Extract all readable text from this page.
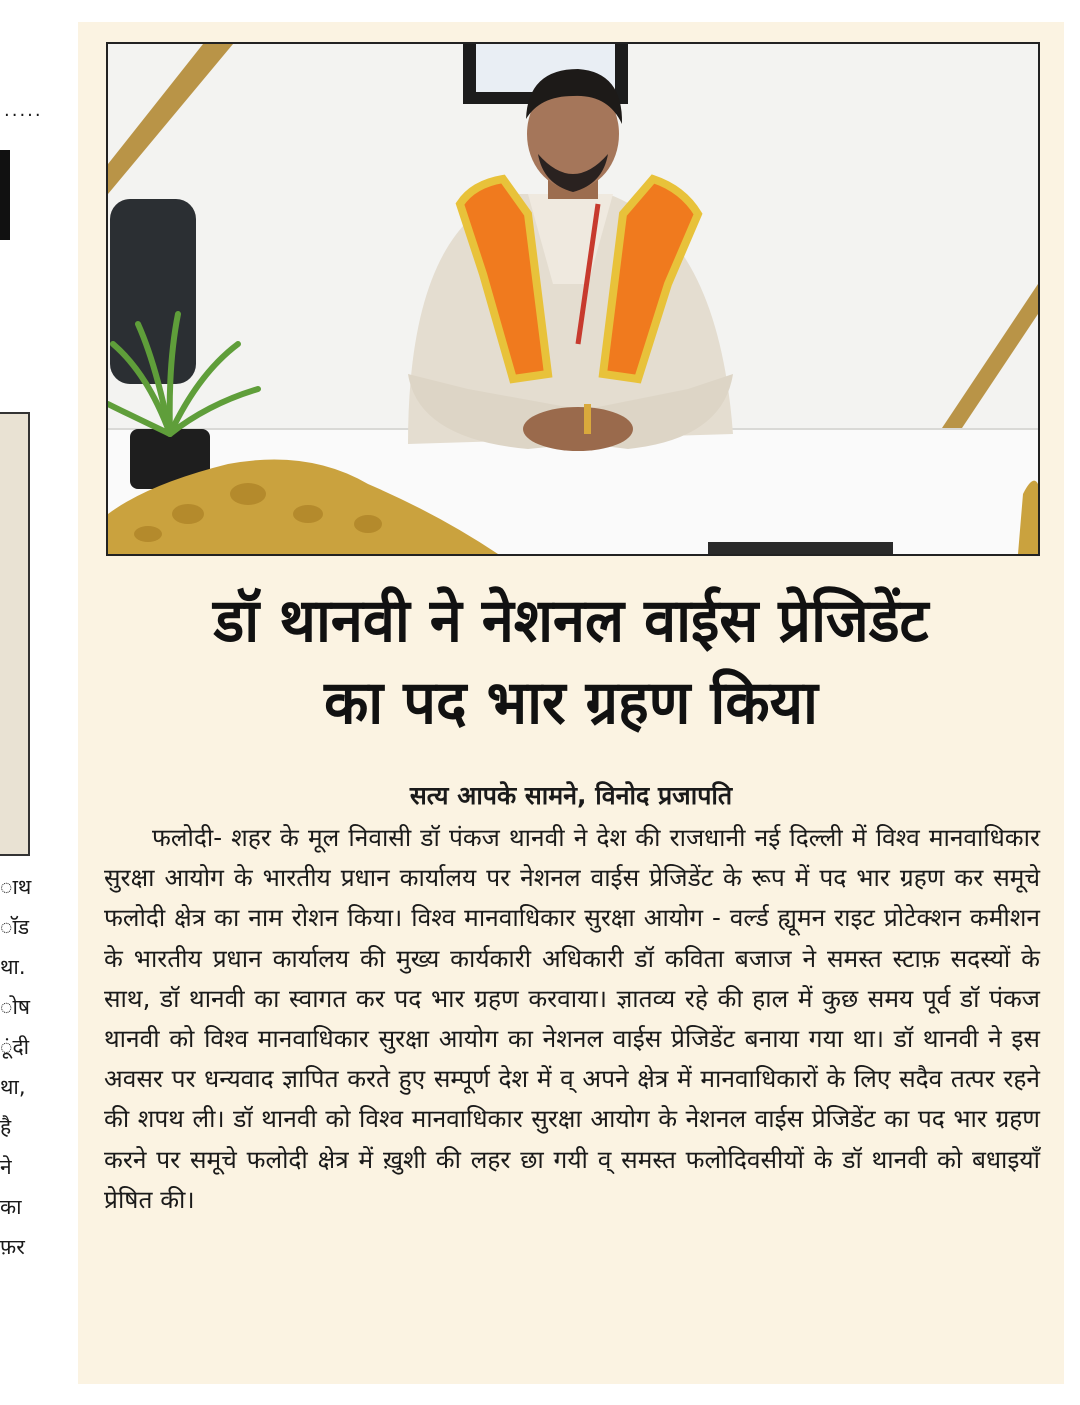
.....
ाथ
ॉड
था.
ोष
ूंदी
था,
है
ने
का
फ़र
डॉ थानवी ने नेशनल वाईस प्रेजिडेंट
का पद भार ग्रहण किया
सत्य आपके सामने, विनोद प्रजापति

फलोदी- शहर के मूल निवासी डॉ पंकज थानवी ने देश की राजधानी नई दिल्ली में विश्व मानवाधिकार सुरक्षा आयोग के भारतीय प्रधान कार्यालय पर नेशनल वाईस प्रेजिडेंट के रूप में पद भार ग्रहण कर समूचे फलोदी क्षेत्र का नाम रोशन किया। विश्व मानवाधिकार सुरक्षा आयोग - वर्ल्ड ह्यूमन राइट प्रोटेक्शन कमीशन के भारतीय प्रधान कार्यालय की मुख्य कार्यकारी अधिकारी डॉ कविता बजाज ने समस्त स्टाफ़ सदस्यों के साथ, डॉ थानवी का स्वागत कर पद भार ग्रहण करवाया। ज्ञातव्य रहे की हाल में कुछ समय पूर्व डॉ पंकज थानवी को विश्व मानवाधिकार सुरक्षा आयोग का नेशनल वाईस प्रेजिडेंट बनाया गया था। डॉ थानवी ने इस अवसर पर धन्यवाद ज्ञापित करते हुए सम्पूर्ण देश में व् अपने क्षेत्र में मानवाधिकारों के लिए सदैव तत्पर रहने की शपथ ली। डॉ थानवी को विश्व मानवाधिकार सुरक्षा आयोग के नेशनल वाईस प्रेजिडेंट का पद भार ग्रहण करने पर समूचे फलोदी क्षेत्र में ख़ुशी की लहर छा गयी व् समस्त फलोदिवसीयों के डॉ थानवी को बधाइयाँ प्रेषित की।
